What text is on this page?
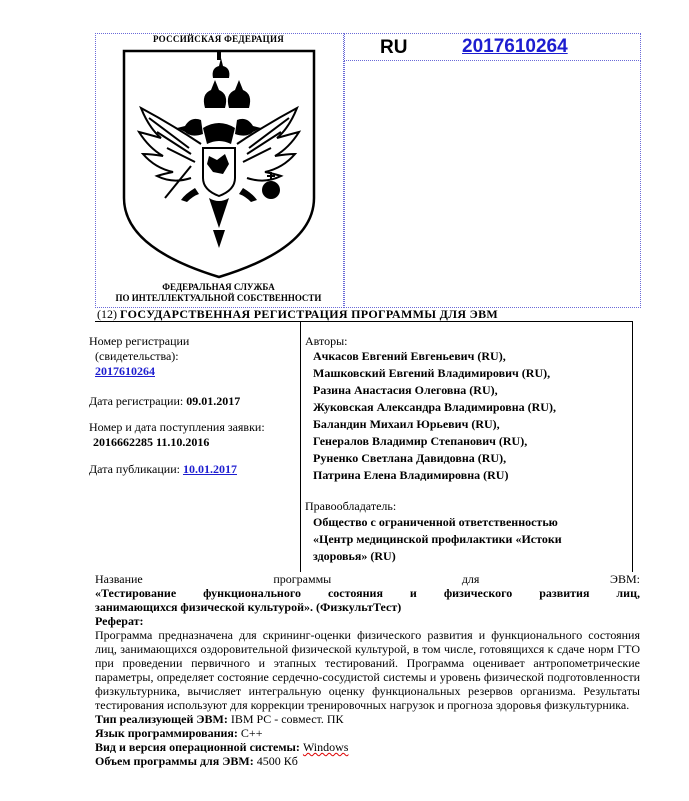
РОССИЙСКАЯ ФЕДЕРАЦИЯ
ФЕДЕРАЛЬНАЯ СЛУЖБА
ПО ИНТЕЛЛЕКТУАЛЬНОЙ СОБСТВЕННОСТИ
RU	2017610264
(12) ГОСУДАРСТВЕННАЯ РЕГИСТРАЦИЯ ПРОГРАММЫ ДЛЯ ЭВМ

Номер регистрации

(свидетельства):

2017610264

Дата регистрации: 09.01.2017

Номер и дата поступления заявки:

2016662285 11.10.2016

Дата публикации: 10.01.2017

Авторы:

Ачкасов Евгений Евгеньевич (RU),
Машковский Евгений Владимирович (RU),
Разина Анастасия Олеговна (RU),
Жуковская Александра Владимировна (RU),
Баландин Михаил Юрьевич (RU),
Генералов Владимир Степанович (RU),
Руненко Светлана Давидовна (RU),
Патрина Елена Владимировна (RU)

Правообладатель:

Общество с ограниченной ответственностью
«Центр медицинской профилактики «Истоки
здоровья» (RU)

Название	программы	для	ЭВМ:

«Тестирование функционального состояния и физического развития лиц,

занимающихся физической культурой». (ФизкультТест)

Реферат:

Программа предназначена для скрининг-оценки физического развития и функционального состояния лиц, занимающихся оздоровительной физической культурой, в том числе, готовящихся к сдаче норм ГТО при проведении первичного и этапных тестирований. Программа оценивает антропометрические параметры, определяет состояние сердечно-сосудистой системы и уровень физической подготовленности физкультурника, вычисляет интегральную оценку функциональных резервов организма. Результаты тестирования используют для коррекции тренировочных нагрузок и прогноза здоровья физкультурника.

Тип реализующей ЭВМ: IBM PC - совмест. ПК

Язык программирования: C++

Вид и версия операционной системы: Windows

Объем программы для ЭВМ: 4500 Кб
